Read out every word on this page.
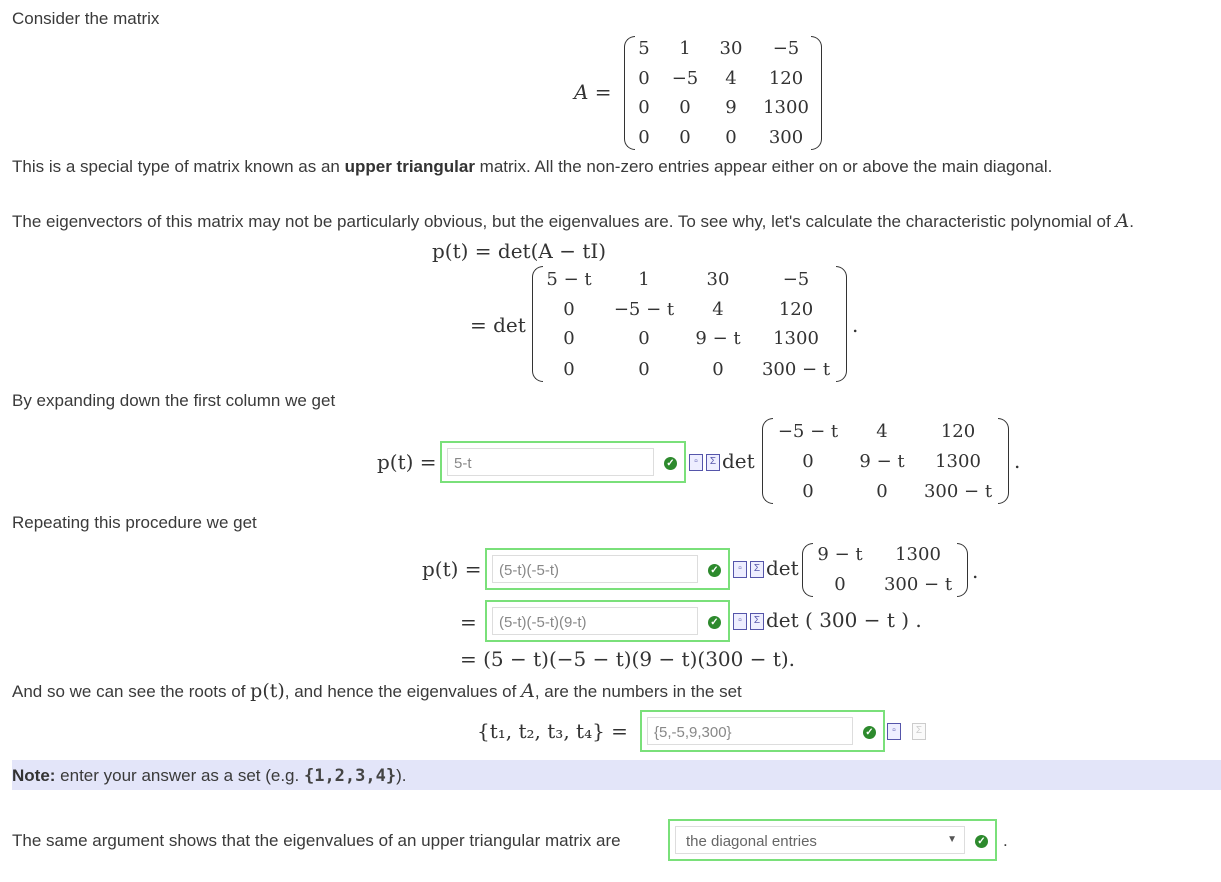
Consider the matrix
A =
5	1	30	−5
0	−5	4	120
0	0	9	1300
0	0	0	300
This is a special type of matrix known as an upper triangular matrix. All the non-zero entries appear either on or above the main diagonal.
The eigenvectors of this matrix may not be particularly obvious, but the eigenvalues are. To see why, let's calculate the characteristic polynomial of A.
p(t) = det(A − tI)
= det	.
5 − t	1	30	−5
0	−5 − t	4	120
0	0	9 − t	1300
0	0	0	300 − t
By expanding down the first column we get
p(t) =	5-t	✓	▫	Σ det	.
−5 − t	4	120
0	9 − t	1300
0	0	300 − t
Repeating this procedure we get
p(t) =	(5-t)(-5-t)	✓	▫	Σ det	.
9 − t	1300
0	300 − t
=	(5-t)(-5-t)(9-t)	✓	▫	Σ det ( 300 − t ) .
= (5 − t)(−5 − t)(9 − t)(300 − t).
And so we can see the roots of p(t), and hence the eigenvalues of A, are the numbers in the set
{t₁, t₂, t₃, t₄} =	{5,-5,9,300}	✓	▫	Σ
Note: enter your answer as a set (e.g. {1,2,3,4}).
The same argument shows that the eigenvalues of an upper triangular matrix are	the diagonal entries	▼ ✓ .
